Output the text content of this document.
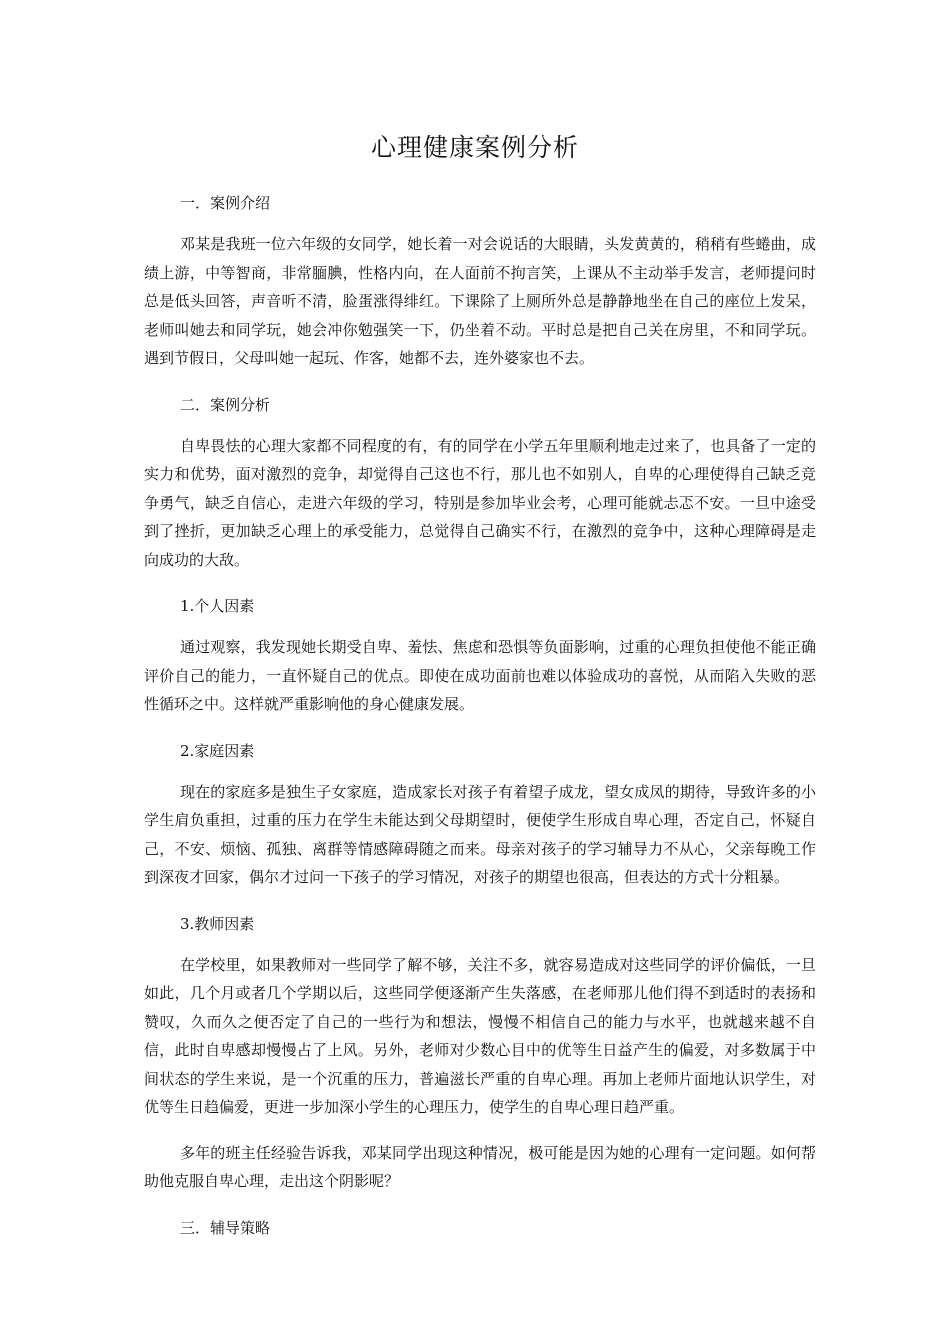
心理健康案例分析
一．案例介绍

邓某是我班一位六年级的女同学，她长着一对会说话的大眼睛，头发黄黄的，稍稍有些蜷曲，成绩上游，中等智商，非常腼腆，性格内向，在人面前不拘言笑，上课从不主动举手发言，老师提问时总是低头回答，声音听不清，脸蛋涨得绯红。下课除了上厕所外总是静静地坐在自己的座位上发呆，老师叫她去和同学玩，她会冲你勉强笑一下，仍坐着不动。平时总是把自己关在房里，不和同学玩。遇到节假日，父母叫她一起玩、作客，她都不去，连外婆家也不去。

二．案例分析

自卑畏怯的心理大家都不同程度的有，有的同学在小学五年里顺利地走过来了，也具备了一定的实力和优势，面对激烈的竞争，却觉得自己这也不行，那儿也不如别人，自卑的心理使得自己缺乏竞争勇气，缺乏自信心，走进六年级的学习，特别是参加毕业会考，心理可能就忐忑不安。一旦中途受到了挫折，更加缺乏心理上的承受能力，总觉得自己确实不行，在激烈的竞争中，这种心理障碍是走向成功的大敌。

1.个人因素

通过观察，我发现她长期受自卑、羞怯、焦虑和恐惧等负面影响，过重的心理负担使他不能正确评价自己的能力，一直怀疑自己的优点。即使在成功面前也难以体验成功的喜悦，从而陷入失败的恶性循环之中。这样就严重影响他的身心健康发展。

2.家庭因素

现在的家庭多是独生子女家庭，造成家长对孩子有着望子成龙，望女成凤的期待，导致许多的小学生肩负重担，过重的压力在学生未能达到父母期望时，便使学生形成自卑心理，否定自己，怀疑自己，不安、烦恼、孤独、离群等情感障碍随之而来。母亲对孩子的学习辅导力不从心，父亲每晚工作到深夜才回家，偶尔才过问一下孩子的学习情况，对孩子的期望也很高，但表达的方式十分粗暴。

3.教师因素

在学校里，如果教师对一些同学了解不够，关注不多，就容易造成对这些同学的评价偏低，一旦如此，几个月或者几个学期以后，这些同学便逐渐产生失落感，在老师那儿他们得不到适时的表扬和赞叹，久而久之便否定了自己的一些行为和想法，慢慢不相信自己的能力与水平，也就越来越不自信，此时自卑感却慢慢占了上风。另外，老师对少数心目中的优等生日益产生的偏爱，对多数属于中间状态的学生来说，是一个沉重的压力，普遍滋长严重的自卑心理。再加上老师片面地认识学生，对优等生日趋偏爱，更进一步加深小学生的心理压力，使学生的自卑心理日趋严重。

多年的班主任经验告诉我，邓某同学出现这种情况，极可能是因为她的心理有一定问题。如何帮助他克服自卑心理，走出这个阴影呢？

三．辅导策略
